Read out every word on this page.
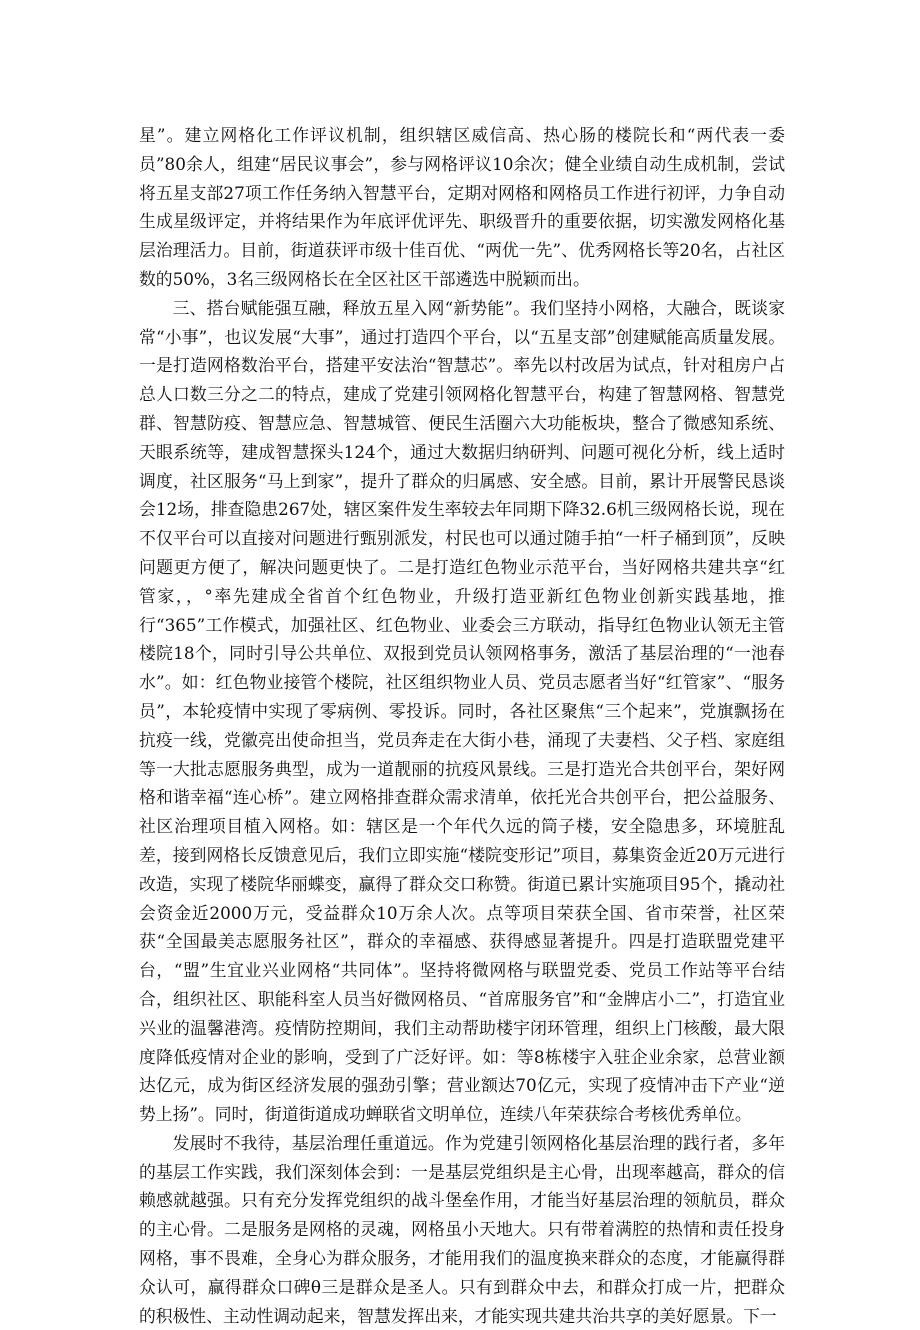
星”。建立网格化工作评议机制，组织辖区威信高、热心肠的楼院长和“两代表一委员”80余人，组建“居民议事会”，参与网格评议10余次；健全业绩自动生成机制，尝试将五星支部27项工作任务纳入智慧平台，定期对网格和网格员工作进行初评，力争自动生成星级评定，并将结果作为年底评优评先、职级晋升的重要依据，切实激发网格化基层治理活力。目前，街道获评市级十佳百优、“两优一先”、优秀网格长等20名，占社区数的50%，3名三级网格长在全区社区干部遴选中脱颖而出。

三、搭台赋能强互融，释放五星入网“新势能”。我们坚持小网格，大融合，既谈家常“小事”，也议发展“大事”，通过打造四个平台，以“五星支部”创建赋能高质量发展。一是打造网格数治平台，搭建平安法治“智慧芯”。率先以村改居为试点，针对租房户占总人口数三分之二的特点，建成了党建引领网格化智慧平台，构建了智慧网格、智慧党群、智慧防疫、智慧应急、智慧城管、便民生活圈六大功能板块，整合了微感知系统、天眼系统等，建成智慧探头124个，通过大数据归纳研判、问题可视化分析，线上适时调度，社区服务“马上到家”，提升了群众的归属感、安全感。目前，累计开展警民恳谈会12场，排查隐患267处，辖区案件发生率较去年同期下降32.6机三级网格长说，现在不仅平台可以直接对问题进行甄别派发，村民也可以通过随手拍“一杆子桶到顶”，反映问题更方便了，解决问题更快了。二是打造红色物业示范平台，当好网格共建共享“红管家，，°率先建成全省首个红色物业，升级打造亚新红色物业创新实践基地，推行“365”工作模式，加强社区、红色物业、业委会三方联动，指导红色物业认领无主管楼院18个，同时引导公共单位、双报到党员认领网格事务，激活了基层治理的“一池春水”。如：红色物业接管个楼院，社区组织物业人员、党员志愿者当好“红管家”、“服务员”，本轮疫情中实现了零病例、零投诉。同时，各社区聚焦“三个起来”，党旗飘扬在抗疫一线，党徽亮出使命担当，党员奔走在大街小巷，涌现了夫妻档、父子档、家庭组等一大批志愿服务典型，成为一道靓丽的抗疫风景线。三是打造光合共创平台，架好网格和谐幸福“连心桥”。建立网格排查群众需求清单，依托光合共创平台，把公益服务、社区治理项目植入网格。如：辖区是一个年代久远的筒子楼，安全隐患多，环境脏乱差，接到网格长反馈意见后，我们立即实施“楼院变形记”项目，募集资金近20万元进行改造，实现了楼院华丽蝶变，赢得了群众交口称赞。街道已累计实施项目95个，撬动社会资金近2000万元，受益群众10万余人次。点等项目荣获全国、省市荣誉，社区荣获“全国最美志愿服务社区”，群众的幸福感、获得感显著提升。四是打造联盟党建平台，“盟”生宜业兴业网格“共同体”。坚持将微网格与联盟党委、党员工作站等平台结合，组织社区、职能科室人员当好微网格员、“首席服务官”和“金牌店小二”，打造宜业兴业的温馨港湾。疫情防控期间，我们主动帮助楼宇闭环管理，组织上门核酸，最大限度降低疫情对企业的影响，受到了广泛好评。如：等8栋楼宇入驻企业余家，总营业额达亿元，成为街区经济发展的强劲引擎；营业额达70亿元，实现了疫情冲击下产业“逆势上扬”。同时，街道街道成功蝉联省文明单位，连续八年荣获综合考核优秀单位。

发展时不我待，基层治理任重道远。作为党建引领网格化基层治理的践行者，多年的基层工作实践，我们深刻体会到：一是基层党组织是主心骨，出现率越高，群众的信赖感就越强。只有充分发挥党组织的战斗堡垒作用，才能当好基层治理的领航员，群众的主心骨。二是服务是网格的灵魂，网格虽小天地大。只有带着满腔的热情和责任投身网格，事不畏难，全身心为群众服务，才能用我们的温度换来群众的态度，才能赢得群众认可，赢得群众口碑θ三是群众是圣人。只有到群众中去，和群众打成一片，把群众的积极性、主动性调动起来，智慧发挥出来，才能实现共建共治共享的美好愿景。下一
